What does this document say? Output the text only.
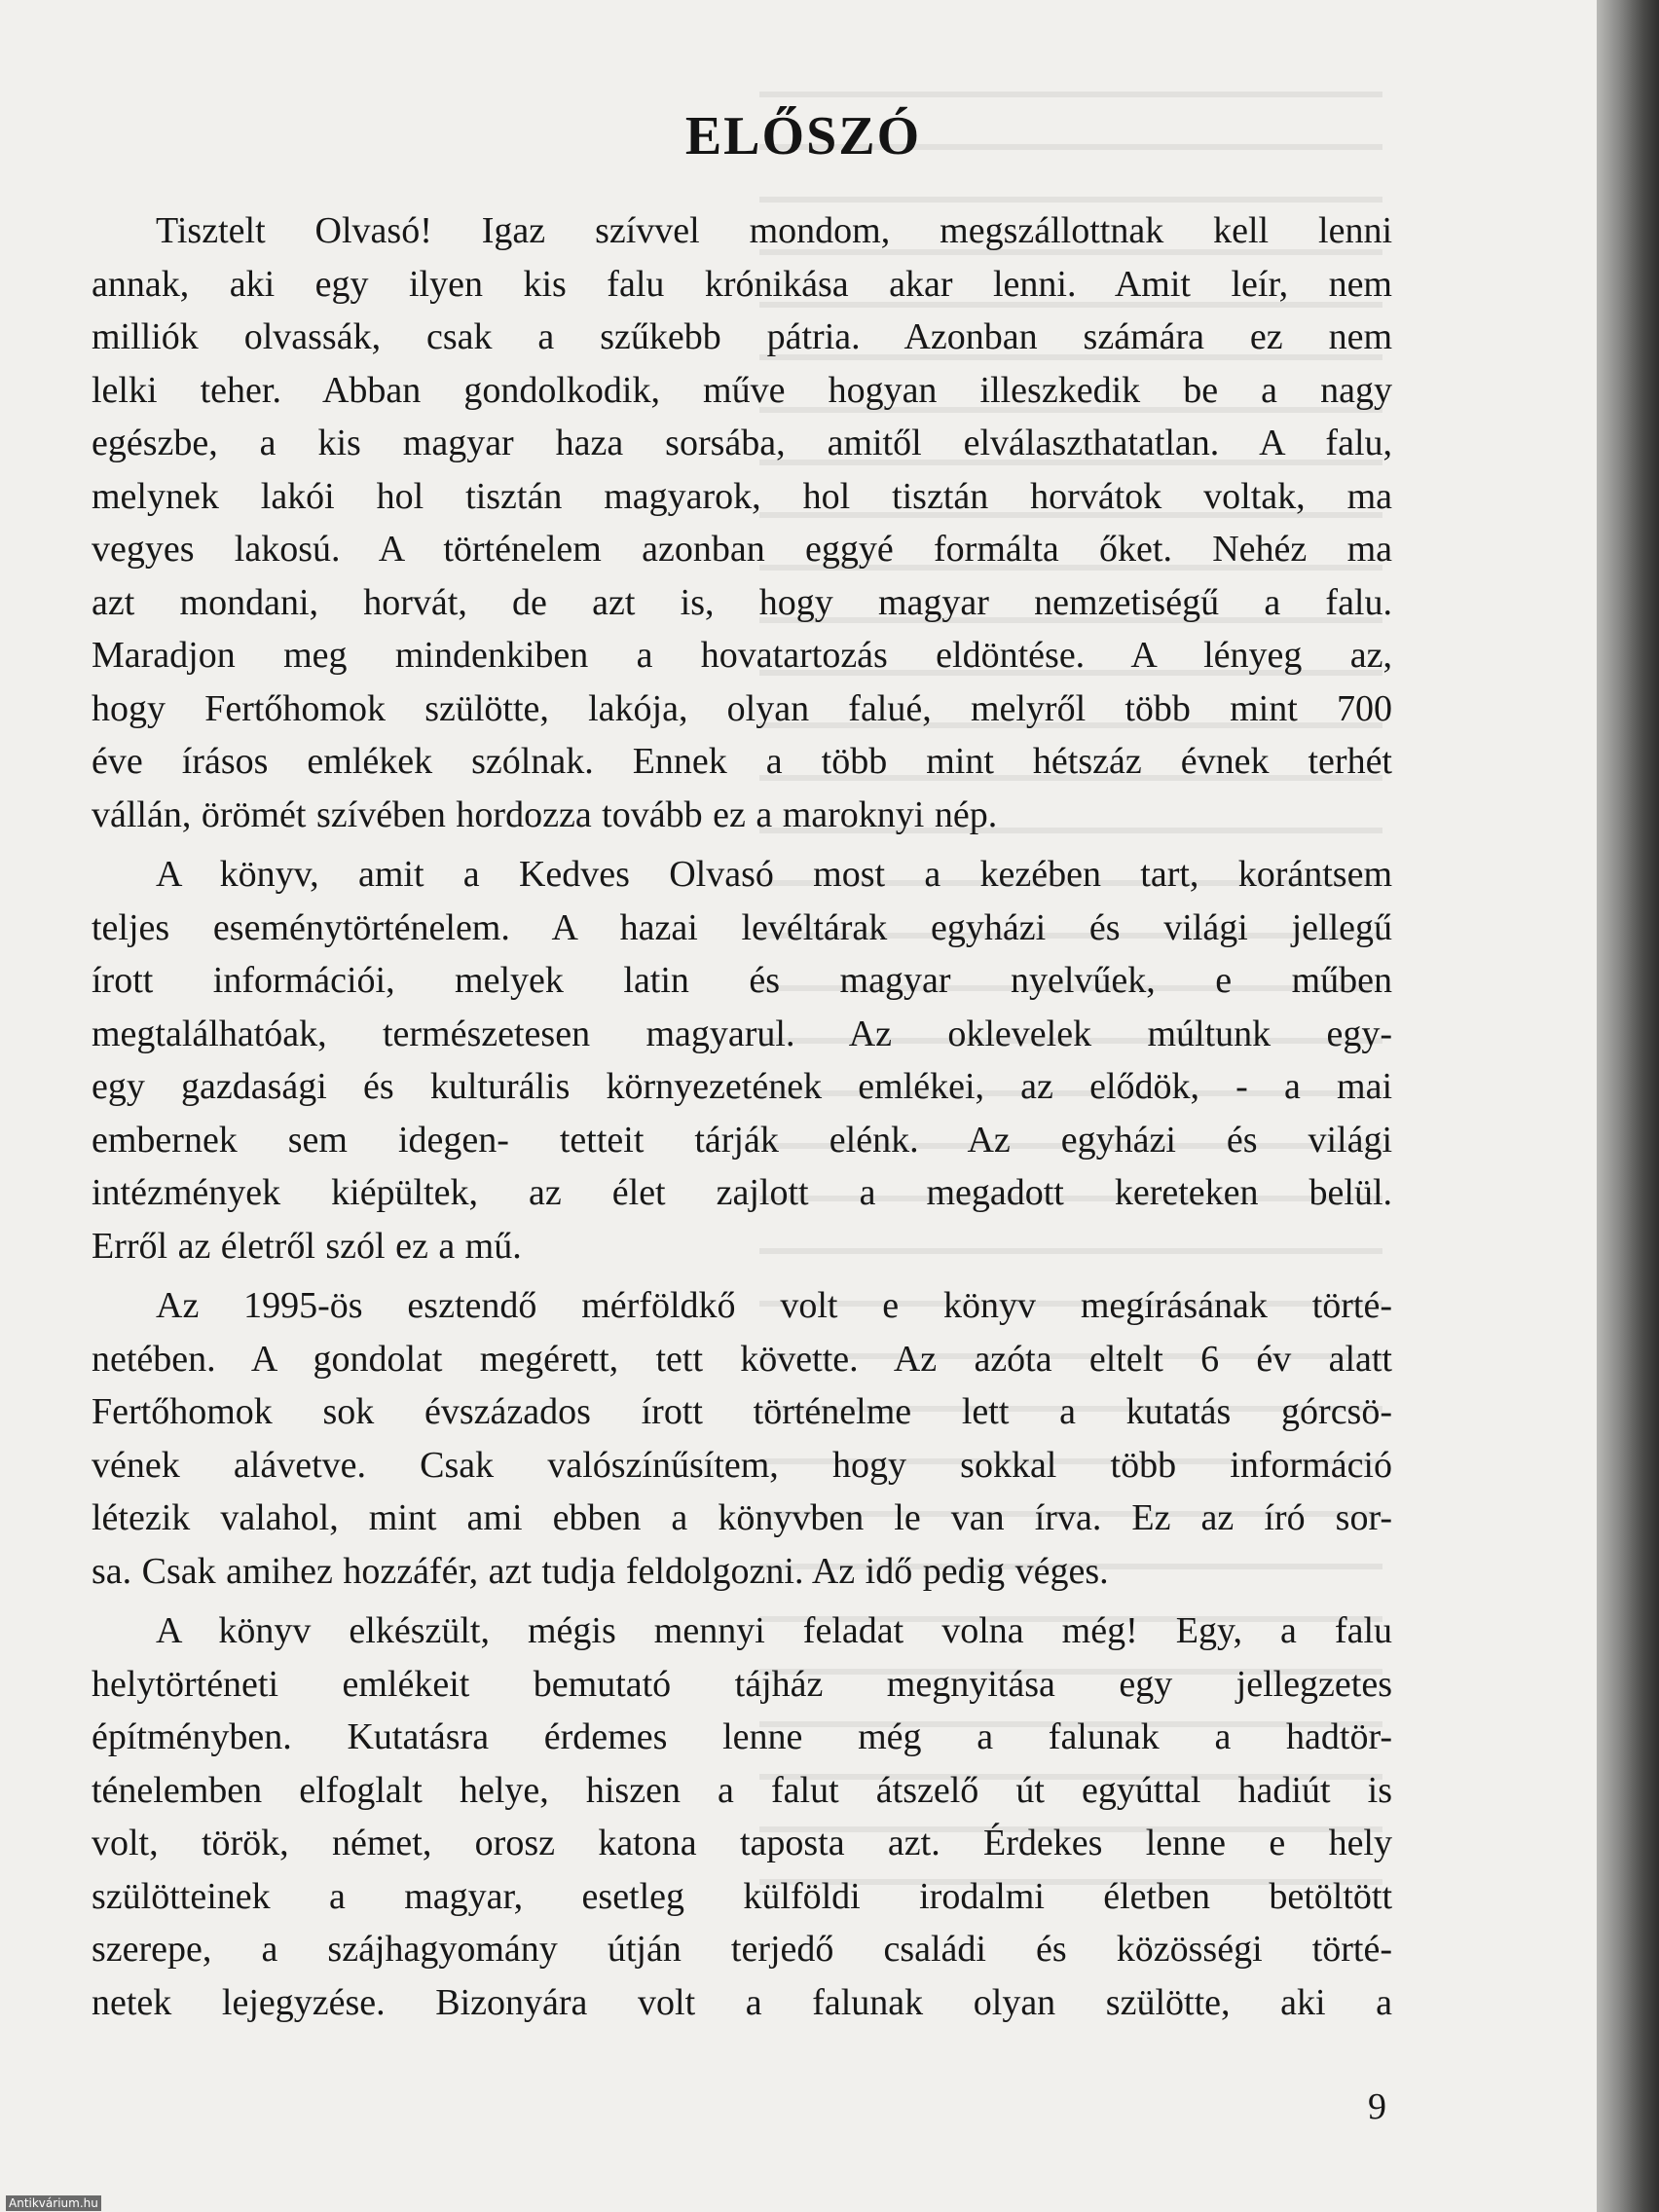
ELŐSZÓ

Tisztelt Olvasó! Igaz szívvel mondom, megszállottnak kell lenni
annak, aki egy ilyen kis falu krónikása akar lenni. Amit leír, nem
milliók olvassák, csak a szűkebb pátria. Azonban számára ez nem
lelki teher. Abban gondolkodik, műve hogyan illeszkedik be a nagy
egészbe, a kis magyar haza sorsába, amitől elválaszthatatlan. A falu,
melynek lakói hol tisztán magyarok, hol tisztán horvátok voltak, ma
vegyes lakosú. A történelem azonban eggyé formálta őket. Nehéz ma
azt mondani, horvát, de azt is, hogy magyar nemzetiségű a falu.
Maradjon meg mindenkiben a hovatartozás eldöntése. A lényeg az,
hogy Fertőhomok szülötte, lakója, olyan falué, melyről több mint 700
éve írásos emlékek szólnak. Ennek a több mint hétszáz évnek terhét
vállán, örömét szívében hordozza tovább ez a maroknyi nép.

A könyv, amit a Kedves Olvasó most a kezében tart, korántsem
teljes eseménytörténelem. A hazai levéltárak egyházi és világi jellegű
írott információi, melyek latin és magyar nyelvűek, e műben
megtalálhatóak, természetesen magyarul. Az oklevelek múltunk egy-
egy gazdasági és kulturális környezetének emlékei, az elődök, - a mai
embernek sem idegen- tetteit tárják elénk. Az egyházi és világi
intézmények kiépültek, az élet zajlott a megadott kereteken belül.
Erről az életről szól ez a mű.

Az 1995-ös esztendő mérföldkő volt e könyv megírásának törté-
netében. A gondolat megérett, tett követte. Az azóta eltelt 6 év alatt
Fertőhomok sok évszázados írott történelme lett a kutatás górcsö-
vének alávetve. Csak valószínűsítem, hogy sokkal több információ
létezik valahol, mint ami ebben a könyvben le van írva. Ez az író sor-
sa. Csak amihez hozzáfér, azt tudja feldolgozni. Az idő pedig véges.

A könyv elkészült, mégis mennyi feladat volna még! Egy, a falu
helytörténeti emlékeit bemutató tájház megnyitása egy jellegzetes
építményben. Kutatásra érdemes lenne még a falunak a hadtör-
ténelemben elfoglalt helye, hiszen a falut átszelő út egyúttal hadiút is
volt, török, német, orosz katona taposta azt. Érdekes lenne e hely
szülötteinek a magyar, esetleg külföldi irodalmi életben betöltött
szerepe, a szájhagyomány útján terjedő családi és közösségi törté-
netek lejegyzése. Bizonyára volt a falunak olyan szülötte, aki a

9
Antikvárium.hu
